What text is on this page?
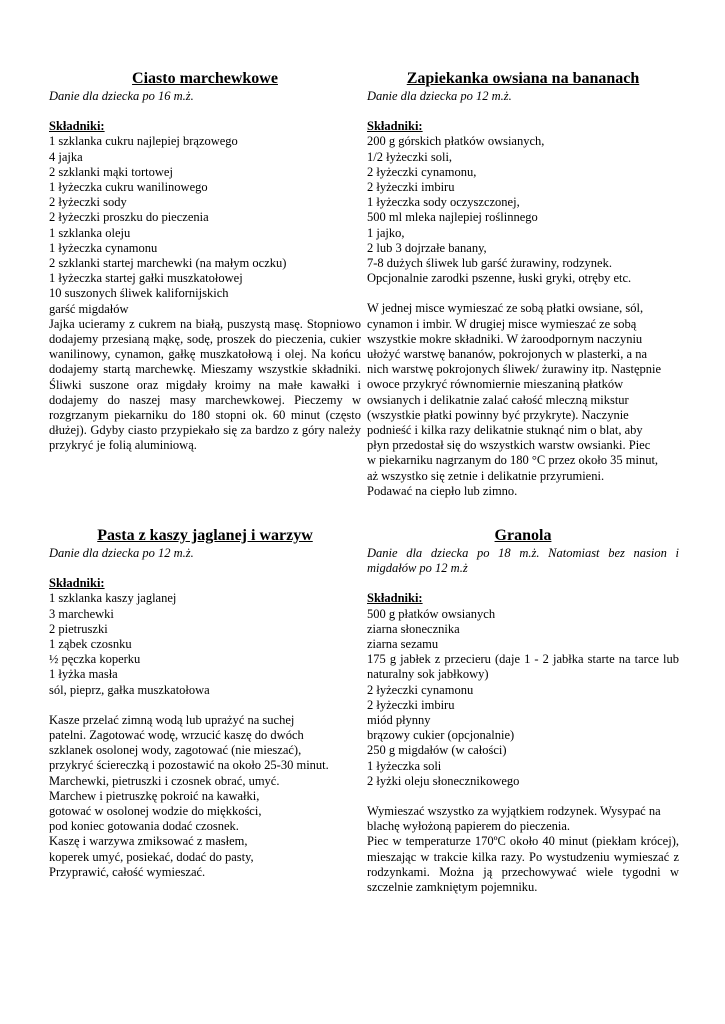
Ciasto marchewkowe
Danie dla dziecka po 16 m.ż.
Składniki:
1 szklanka cukru najlepiej brązowego
4 jajka
2 szklanki mąki tortowej
1 łyżeczka cukru wanilinowego
2 łyżeczki sody
2 łyżeczki proszku do pieczenia
1 szklanka oleju
1 łyżeczka cynamonu
2 szklanki startej marchewki (na małym oczku)
1 łyżeczka startej gałki muszkatołowej
10 suszonych śliwek kalifornijskich
garść migdałów

Jajka ucieramy z cukrem na białą, puszystą masę. Stopniowo dodajemy przesianą mąkę, sodę, proszek do pieczenia, cukier wanilinowy, cynamon, gałkę muszkatołową i olej. Na końcu dodajemy startą marchewkę. Mieszamy wszystkie składniki. Śliwki suszone oraz migdały kroimy na małe kawałki i dodajemy do naszej masy marchewkowej. Pieczemy w rozgrzanym piekarniku do 180 stopni ok. 60 minut (często dłużej). Gdyby ciasto przypiekało się za bardzo z góry należy przykryć je folią aluminiową.

Zapiekanka owsiana na bananach
Danie dla dziecka po 12 m.ż.
Składniki:
200 g górskich płatków owsianych,
1/2 łyżeczki soli,
2 łyżeczki cynamonu,
2 łyżeczki imbiru
1 łyżeczka sody oczyszczonej,
500 ml mleka najlepiej roślinnego
1 jajko,
2 lub 3 dojrzałe banany,
7-8 dużych śliwek lub garść żurawiny, rodzynek.
Opcjonalnie zarodki pszenne, łuski gryki, otręby etc.
W jednej misce wymieszać ze sobą płatki owsiane, sól,
cynamon i imbir. W drugiej misce wymieszać ze sobą
wszystkie mokre składniki. W żaroodpornym naczyniu
ułożyć warstwę bananów, pokrojonych w plasterki, a na
nich warstwę pokrojonych śliwek/ żurawiny itp. Następnie
owoce przykryć równomiernie mieszaniną płatków
owsianych i delikatnie zalać całość mleczną mikstur
(wszystkie płatki powinny być przykryte). Naczynie
podnieść i kilka razy delikatnie stuknąć nim o blat, aby
płyn przedostał się do wszystkich warstw owsianki. Piec
w piekarniku nagrzanym do 180 °C przez około 35 minut,
aż wszystko się zetnie i delikatnie przyrumieni.
Podawać na ciepło lub zimno.
Pasta z kaszy jaglanej i warzyw
Danie dla dziecka po 12 m.ż.
Składniki:
1 szklanka kaszy jaglanej
3 marchewki
2 pietruszki
1 ząbek czosnku
½ pęczka koperku
1 łyżka masła
sól, pieprz, gałka muszkatołowa
Kasze przelać zimną wodą lub uprażyć na suchej
patelni. Zagotować wodę, wrzucić kaszę do dwóch
szklanek osolonej wody, zagotować (nie mieszać),
przykryć ściereczką i pozostawić na około 25-30 minut.
Marchewki, pietruszki i czosnek obrać, umyć.
Marchew i pietruszkę pokroić na kawałki,
gotować w osolonej wodzie do miękkości,
pod koniec gotowania dodać czosnek.
Kaszę i warzywa zmiksować z masłem,
koperek umyć, posiekać, dodać do pasty,
Przyprawić, całość wymieszać.
Granola
Danie dla dziecka po 18 m.ż. Natomiast bez nasion i migdałów po 12 m.ż
Składniki:
500 g płatków owsianych
ziarna słonecznika
ziarna sezamu
175 g jabłek z przecieru (daje 1 - 2 jabłka starte na tarce lub naturalny sok jabłkowy)
2 łyżeczki cynamonu
2 łyżeczki imbiru
miód płynny
brązowy cukier (opcjonalnie)
250 g migdałów (w całości)
1 łyżeczka soli
2 łyżki oleju słonecznikowego

Wymieszać wszystko za wyjątkiem rodzynek. Wysypać na blachę wyłożoną papierem do pieczenia.

Piec w temperaturze 170ºC około 40 minut (piekłam krócej), mieszając w trakcie kilka razy. Po wystudzeniu wymieszać z rodzynkami. Można ją przechowywać wiele tygodni w szczelnie zamkniętym pojemniku.
